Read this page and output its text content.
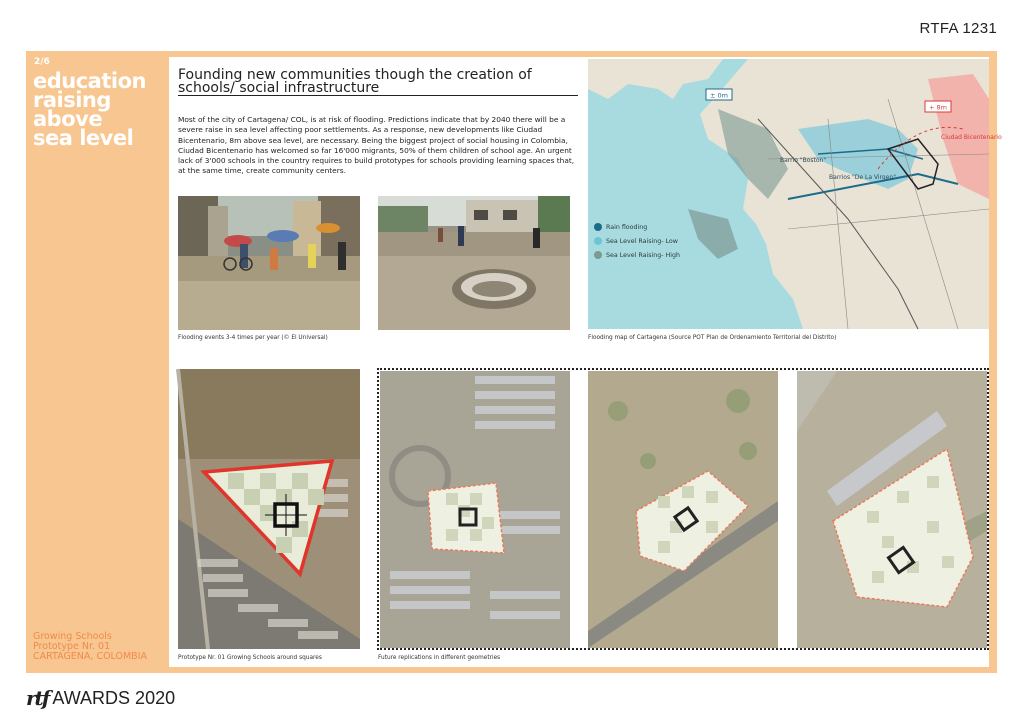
RTFA 1231
2/6
education
raising
above
sea level
Growing Schools
Prototype Nr. 01
CARTAGENA, COLOMBIA
Founding new communities though the creation of schools/ social infrastructure
Most of the city of Cartagena/ COL, is at risk of flooding. Predictions indicate that by 2040 there will be a severe raise in sea level affecting poor settlements. As a response, new developments like Ciudad Bicentenario, 8m above sea level, are necessary. Being the biggest project of social housing in Colombia, Ciudad Bicentenario has welcomed so far 16'000 migrants, 50% of them children of school age. An urgent lack of 3'000 schools in the country requires to build prototypes for schools providing learning spaces that, at the same time, create community centers.
Flooding events 3-4 times per year (© El Universal)
± 0m
+ 8m
Ciudad Bicentenario
Barrio "Boston"
Barrios "De La Virgen"
Rain flooding
Sea Level Raising- Low
Sea Level Raising- High
Flooding map of Cartagena (Source POT Plan de Ordenamiento Territorial del Distrito)
Prototype Nr. 01 Growing Schools around squares	Future replications in different geometries
rtf AWARDS 2020
